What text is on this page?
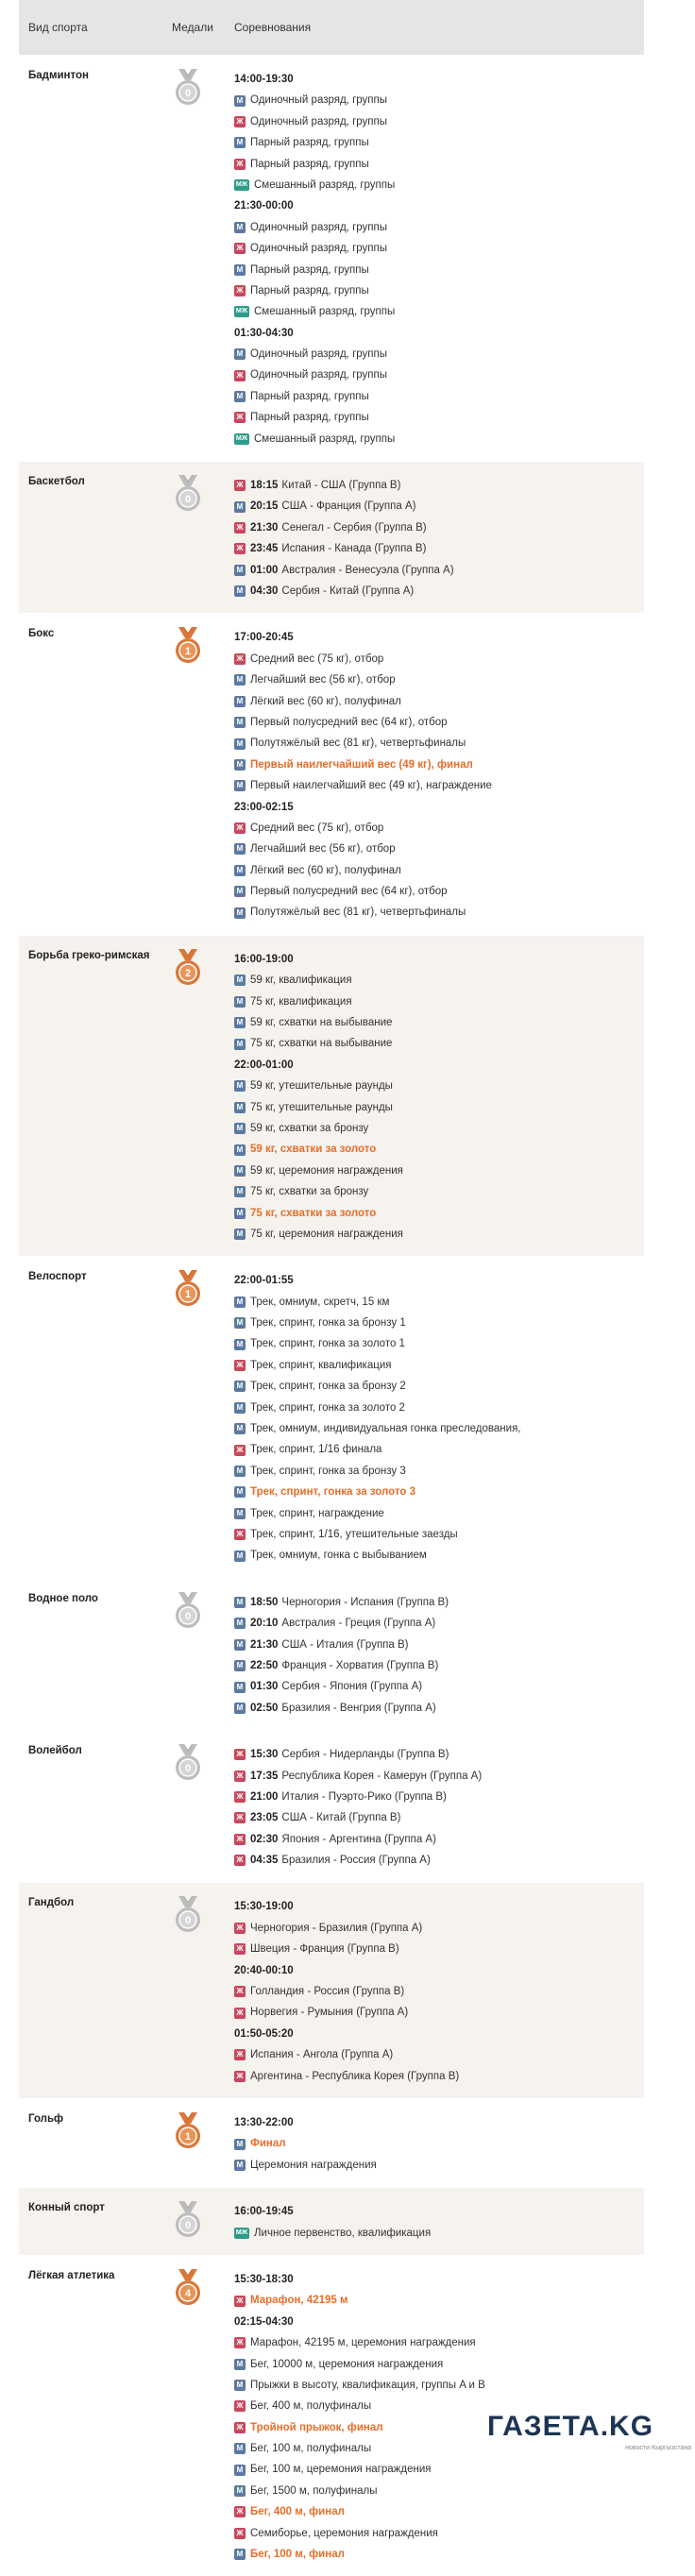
Вид спорта	Медали	Соревнования
Бадминтон
0
14:00-19:30
М Одиночный разряд, группы
Ж Одиночный разряд, группы
М Парный разряд, группы
Ж Парный разряд, группы
МЖ Смешанный разряд, группы
21:30-00:00
М Одиночный разряд, группы
Ж Одиночный разряд, группы
М Парный разряд, группы
Ж Парный разряд, группы
МЖ Смешанный разряд, группы
01:30-04:30
М Одиночный разряд, группы
Ж Одиночный разряд, группы
М Парный разряд, группы
Ж Парный разряд, группы
МЖ Смешанный разряд, группы
Баскетбол
0
Ж 18:15 Китай - США (Группа B)
М 20:15 США - Франция (Группа A)
Ж 21:30 Сенегал - Сербия (Группа B)
Ж 23:45 Испания - Канада (Группа B)
М 01:00 Австралия - Венесуэла (Группа A)
М 04:30 Сербия - Китай (Группа A)
Бокс
1
17:00-20:45
Ж Средний вес (75 кг), отбор
М Легчайший вес (56 кг), отбор
М Лёгкий вес (60 кг), полуфинал
М Первый полусредний вес (64 кг), отбор
М Полутяжёлый вес (81 кг), четвертьфиналы
М Первый наилегчайший вес (49 кг), финал
М Первый наилегчайший вес (49 кг), награждение
23:00-02:15
Ж Средний вес (75 кг), отбор
М Легчайший вес (56 кг), отбор
М Лёгкий вес (60 кг), полуфинал
М Первый полусредний вес (64 кг), отбор
М Полутяжёлый вес (81 кг), четвертьфиналы
Борьба греко-римская
2
16:00-19:00
М 59 кг, квалификация
М 75 кг, квалификация
М 59 кг, схватки на выбывание
М 75 кг, схватки на выбывание
22:00-01:00
М 59 кг, утешительные раунды
М 75 кг, утешительные раунды
М 59 кг, схватки за бронзу
М 59 кг, схватки за золото
М 59 кг, церемония награждения
М 75 кг, схватки за бронзу
М 75 кг, схватки за золото
М 75 кг, церемония награждения
Велоспорт
1
22:00-01:55
М Трек, омниум, скретч, 15 км
М Трек, спринт, гонка за бронзу 1
М Трек, спринт, гонка за золото 1
Ж Трек, спринт, квалификация
М Трек, спринт, гонка за бронзу 2
М Трек, спринт, гонка за золото 2
М Трек, омниум, индивидуальная гонка преследования,
Ж Трек, спринт, 1/16 финала
М Трек, спринт, гонка за бронзу 3
М Трек, спринт, гонка за золото 3
М Трек, спринт, награждение
Ж Трек, спринт, 1/16, утешительные заезды
М Трек, омниум, гонка с выбыванием
Водное поло
0
М 18:50 Черногория - Испания (Группа B)
М 20:10 Австралия - Греция (Группа A)
М 21:30 США - Италия (Группа B)
М 22:50 Франция - Хорватия (Группа B)
М 01:30 Сербия - Япония (Группа A)
М 02:50 Бразилия - Венгрия (Группа A)
Волейбол
0
Ж 15:30 Сербия - Нидерланды (Группа B)
Ж 17:35 Республика Корея - Камерун (Группа A)
Ж 21:00 Италия - Пуэрто-Рико (Группа B)
Ж 23:05 США - Китай (Группа B)
Ж 02:30 Япония - Аргентина (Группа A)
Ж 04:35 Бразилия - Россия (Группа A)
Гандбол
0
15:30-19:00
Ж Черногория - Бразилия (Группа A)
Ж Швеция - Франция (Группа B)
20:40-00:10
Ж Голландия - Россия (Группа B)
Ж Норвегия - Румыния (Группа A)
01:50-05:20
Ж Испания - Ангола (Группа A)
Ж Аргентина - Республика Корея (Группа B)
Гольф
1
13:30-22:00
М Финал
М Церемония награждения
Конный спорт
0
16:00-19:45
МЖ Личное первенство, квалификация
Лёгкая атлетика
4
15:30-18:30
Ж Марафон, 42195 м
02:15-04:30
Ж Марафон, 42195 м, церемония награждения
М Бег, 10000 м, церемония награждения
М Прыжки в высоту, квалификация, группы A и B
Ж Бег, 400 м, полуфиналы
Ж Тройной прыжок, финал
М Бег, 100 м, полуфиналы
М Бег, 100 м, церемония награждения
М Бег, 1500 м, полуфиналы
Ж Бег, 400 м, финал
Ж Семиборье, церемония награждения
М Бег, 100 м, финал
ГАЗЕТА .KG
новости Кыргызстана
